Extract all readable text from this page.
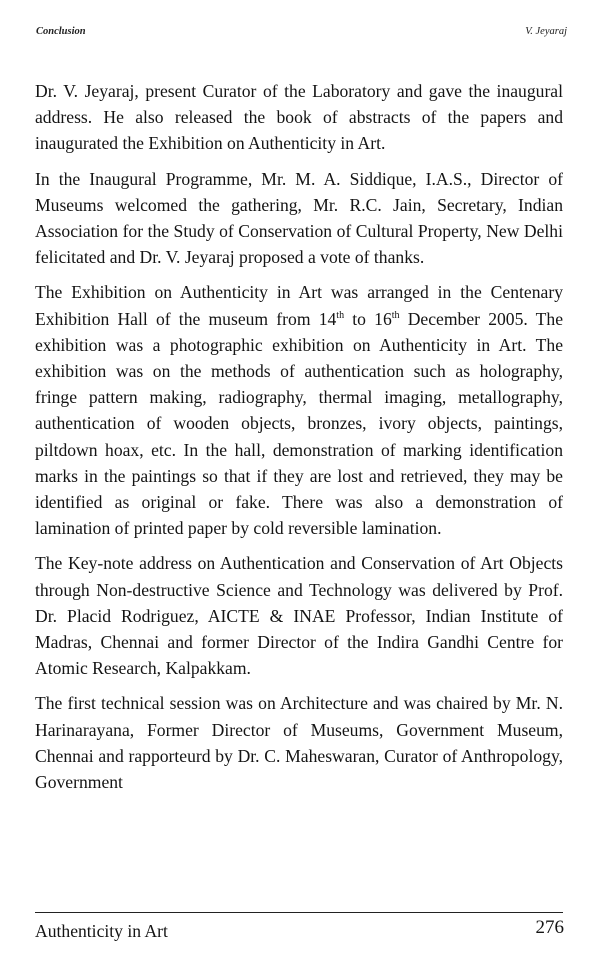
Conclusion	V. Jeyaraj

Dr. V. Jeyaraj, present Curator of the Laboratory and gave the inaugural address. He also released the book of abstracts of the papers and inaugurated the Exhibition on Authenticity in Art.

In the Inaugural Programme, Mr. M. A. Siddique, I.A.S., Director of Museums welcomed the gathering, Mr. R.C. Jain, Secretary, Indian Association for the Study of Conservation of Cultural Property, New Delhi felicitated and Dr. V. Jeyaraj proposed a vote of thanks.

The Exhibition on Authenticity in Art was arranged in the Centenary Exhibition Hall of the museum from 14th to 16th December 2005. The exhibition was a photographic exhibition on Authenticity in Art. The exhibition was on the methods of authentication such as holography, fringe pattern making, radiography, thermal imaging, metallography, authentication of wooden objects, bronzes, ivory objects, paintings, piltdown hoax, etc. In the hall, demonstration of marking identification marks in the paintings so that if they are lost and retrieved, they may be identified as original or fake. There was also a demonstration of lamination of printed paper by cold reversible lamination.

The Key-note address on Authentication and Conservation of Art Objects through Non-destructive Science and Technology was delivered by Prof. Dr. Placid Rodriguez, AICTE & INAE Professor, Indian Institute of Madras, Chennai and former Director of the Indira Gandhi Centre for Atomic Research, Kalpakkam.

The first technical session was on Architecture and was chaired by Mr. N. Harinarayana, Former Director of Museums, Government Museum, Chennai and rapporteurd by Dr. C. Maheswaran, Curator of Anthropology, Government

Authenticity in Art	276
